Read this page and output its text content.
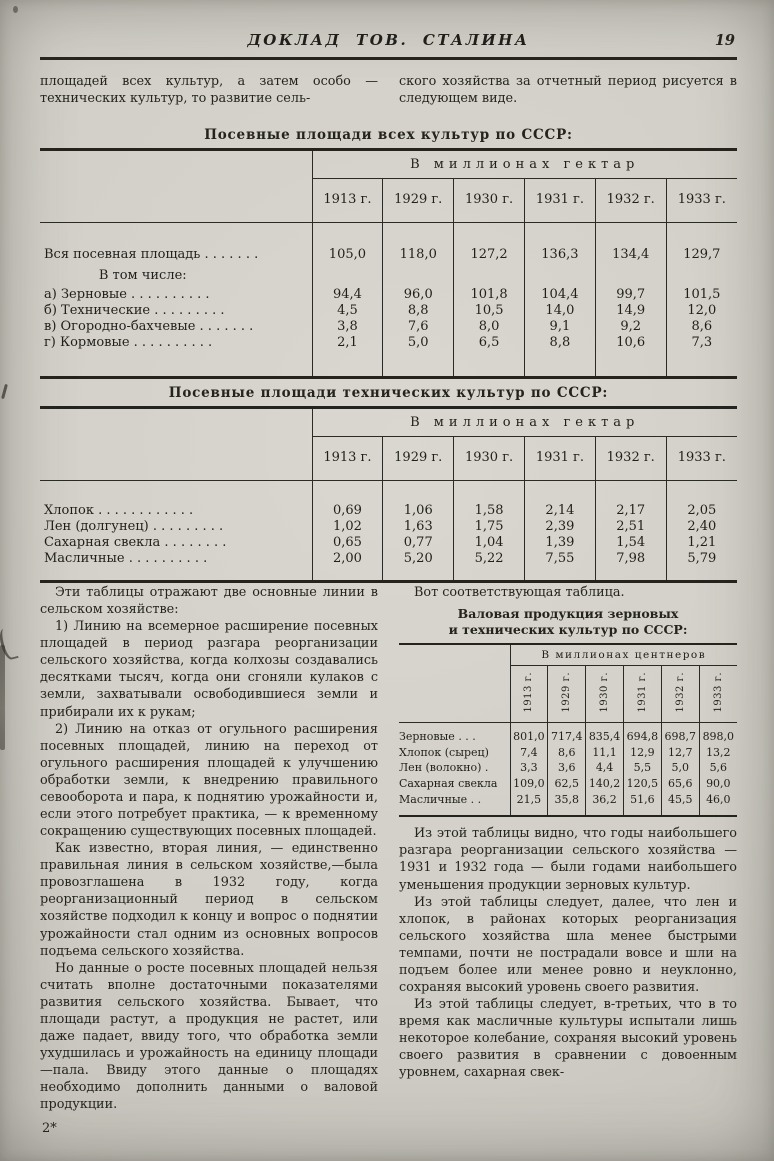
ДОКЛАД ТОВ. СТАЛИНА	19

площадей всех культур, а затем особо — технических культур, то развитие сель-

ского хозяйства за отчетный период рисуется в следующем виде.

Посевные площади всех культур по СССР:
	В миллионах гектар					
	1913 г.	1929 г.	1930 г.	1931 г.	1932 г.	1933 г.
Вся посевная площадь . . . . . . .	105,0	118,0	127,2	136,3	134,4	129,7
В том числе:						
а) Зерновые . . . . . . . . . .	94,4	96,0	101,8	104,4	99,7	101,5
б) Технические . . . . . . . . .	4,5	8,8	10,5	14,0	14,9	12,0
в) Огородно-бахчевые . . . . . . .	3,8	7,6	8,0	9,1	9,2	8,6
г) Кормовые . . . . . . . . . .	2,1	5,0	6,5	8,8	10,6	7,3
Посевные площади технических культур по СССР:
	В миллионах гектар					
	1913 г.	1929 г.	1930 г.	1931 г.	1932 г.	1933 г.
Хлопок . . . . . . . . . . . .	0,69	1,06	1,58	2,14	2,17	2,05
Лен (долгунец) . . . . . . . . .	1,02	1,63	1,75	2,39	2,51	2,40
Сахарная свекла . . . . . . . .	0,65	0,77	1,04	1,39	1,54	1,21
Масличные . . . . . . . . . .	2,00	5,20	5,22	7,55	7,98	5,79

Эти таблицы отражают две основные линии в сельском хозяйстве:

1) Линию на всемерное расширение посевных площадей в период разгара реорганизации сельского хозяйства, когда колхозы создавались десятками тысяч, когда они сгоняли кулаков с земли, захватывали освободившиеся земли и прибирали их к рукам;

2) Линию на отказ от огульного расширения посевных площадей, линию на переход от огульного расширения площадей к улучшению обработки земли, к внедрению правильного севооборота и пара, к поднятию урожайности и, если этого потребует практика, — к временному сокращению существующих посевных площадей.

Как известно, вторая линия, — единственно правильная линия в сельском хозяйстве,—была провозглашена в 1932 году, когда реорганизационный период в сельском хозяйстве подходил к концу и вопрос о поднятии урожайности стал одним из основных вопросов подъема сельского хозяйства.

Но данные о росте посевных площадей нельзя считать вполне достаточными показателями развития сельского хозяйства. Бывает, что площади растут, а продукция не растет, или даже падает, ввиду того, что обработка земли ухудшилась и урожайность на единицу площади—пала. Ввиду этого данные о площадях необходимо дополнить данными о валовой продукции.

Вот соответствующая таблица.

Валовая продукция зерновых
и технических культур по СССР:
	В миллионах центнеров					
	1913 г.	1929 г.	1930 г.	1931 г.	1932 г.	1933 г.
Зерновые . . .	801,0	717,4	835,4	694,8	698,7	898,0
Хлопок (сырец)	7,4	8,6	11,1	12,9	12,7	13,2
Лен (волокно) .	3,3	3,6	4,4	5,5	5,0	5,6
Сахарная свекла	109,0	62,5	140,2	120,5	65,6	90,0
Масличные . .	21,5	35,8	36,2	51,6	45,5	46,0

Из этой таблицы видно, что годы наибольшего разгара реорганизации сельского хозяйства — 1931 и 1932 года — были годами наибольшего уменьшения продукции зерновых культур.

Из этой таблицы следует, далее, что лен и хлопок, в районах которых реорганизация сельского хозяйства шла менее быстрыми темпами, почти не пострадали вовсе и шли на подъем более или менее ровно и неуклонно, сохраняя высокий уровень своего развития.

Из этой таблицы следует, в-третьих, что в то время как масличные культуры испытали лишь некоторое колебание, сохраняя высокий уровень своего развития в сравнении с довоенным уровнем, сахарная свек-

2*
